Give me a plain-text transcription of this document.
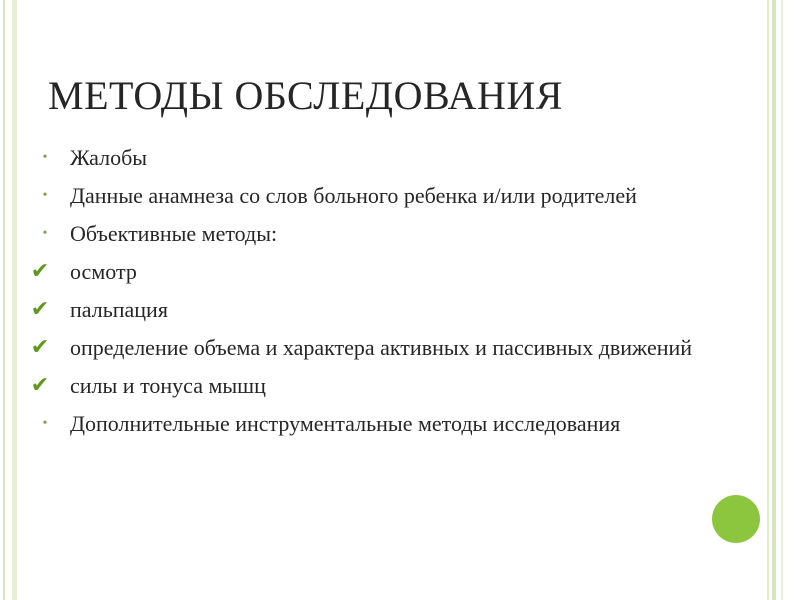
МЕТОДЫ ОБСЛЕДОВАНИЯ
• Жалобы
• Данные анамнеза со слов больного ребенка и/или родителей
• Объективные методы:
✔ осмотр
✔ пальпация
✔ определение объема и характера активных и пассивных движений
✔ силы и тонуса мышц
• Дополнительные инструментальные методы исследования
